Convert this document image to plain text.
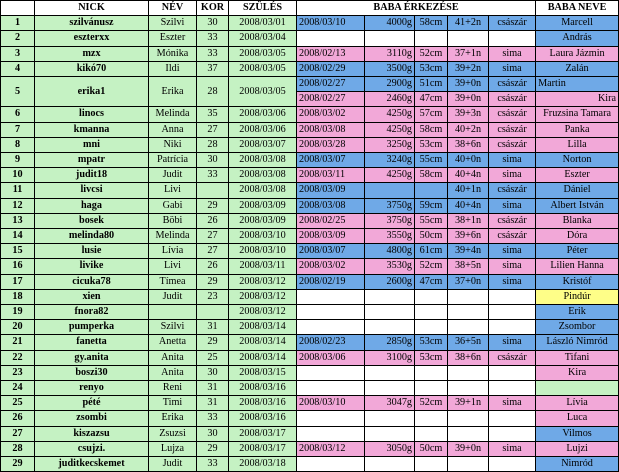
	NICK	NÉV	KOR	SZÜLÉS	BABA ÉRKEZÉSE					BABA NEVE
1	szilvánusz	Szilvi	30	2008/03/01	2008/03/10	4000g	58cm	41+2n	császár	Marcell
2	eszterxx	Eszter	33	2008/03/04						András
3	mzx	Mónika	33	2008/03/05	2008/02/13	3110g	52cm	37+1n	sima	Laura Jázmin
4	kikó70	Ildi	37	2008/03/05	2008/02/29	3500g	53cm	39+2n	sima	Zalán
5	erika1	Erika	28	2008/03/05	2008/02/27	2900g	51cm	39+0n	császár	Martin
					2008/02/27	2460g	47cm	39+0n	császár	Kira
6	linocs	Melinda	35	2008/03/06	2008/03/02	4250g	57cm	39+3n	császár	Fruzsina Tamara
7	kmanna	Anna	27	2008/03/06	2008/03/08	4250g	58cm	40+2n	császár	Panka
8	mni	Niki	28	2008/03/07	2008/03/28	3250g	53cm	38+6n	császár	Lilla
9	mpatr	Patrícia	30	2008/03/08	2008/03/07	3240g	55cm	40+0n	sima	Norton
10	judit18	Judit	33	2008/03/08	2008/03/11	4250g	58cm	40+4n	sima	Eszter
11	livcsi	Livi		2008/03/08	2008/03/09			40+1n	császár	Dániel
12	haga	Gabi	29	2008/03/09	2008/03/08	3750g	59cm	40+4n	sima	Albert István
13	bosek	Böbi	26	2008/03/09	2008/02/25	3750g	55cm	38+1n	császár	Blanka
14	melinda80	Melinda	27	2008/03/10	2008/03/09	3550g	50cm	39+6n	császár	Dóra
15	lusie	Lívia	27	2008/03/10	2008/03/07	4800g	61cm	39+4n	sima	Péter
16	livike	Livi	26	2008/03/11	2008/03/02	3530g	52cm	38+5n	sima	Lilien Hanna
17	cicuka78	Tímea	29	2008/03/12	2008/02/19	2600g	47cm	37+0n	sima	Kristóf
18	xien	Judit	23	2008/03/12						Pindúr
19	fnora82			2008/03/12						Erik
20	pumperka	Szilvi	31	2008/03/14						Zsombor
21	fanetta	Anetta	29	2008/03/14	2008/02/23	2850g	53cm	36+5n	sima	László Nimród
22	gy.anita	Anita	25	2008/03/14	2008/03/06	3100g	53cm	38+6n	császár	Tifani
23	boszi30	Anita	30	2008/03/15						Kira
24	renyo	Reni	31	2008/03/16						
25	pété	Timi	31	2008/03/16	2008/03/10	3047g	52cm	39+1n	sima	Lívia
26	zsombi	Erika	33	2008/03/16						Luca
27	kiszazsu	Zsuzsi	30	2008/03/17						Vilmos
28	csujzi.	Lujza	29	2008/03/17	2008/03/12	3050g	50cm	39+0n	sima	Lujzi
29	juditkecskemet	Judit	33	2008/03/18						Nimród
